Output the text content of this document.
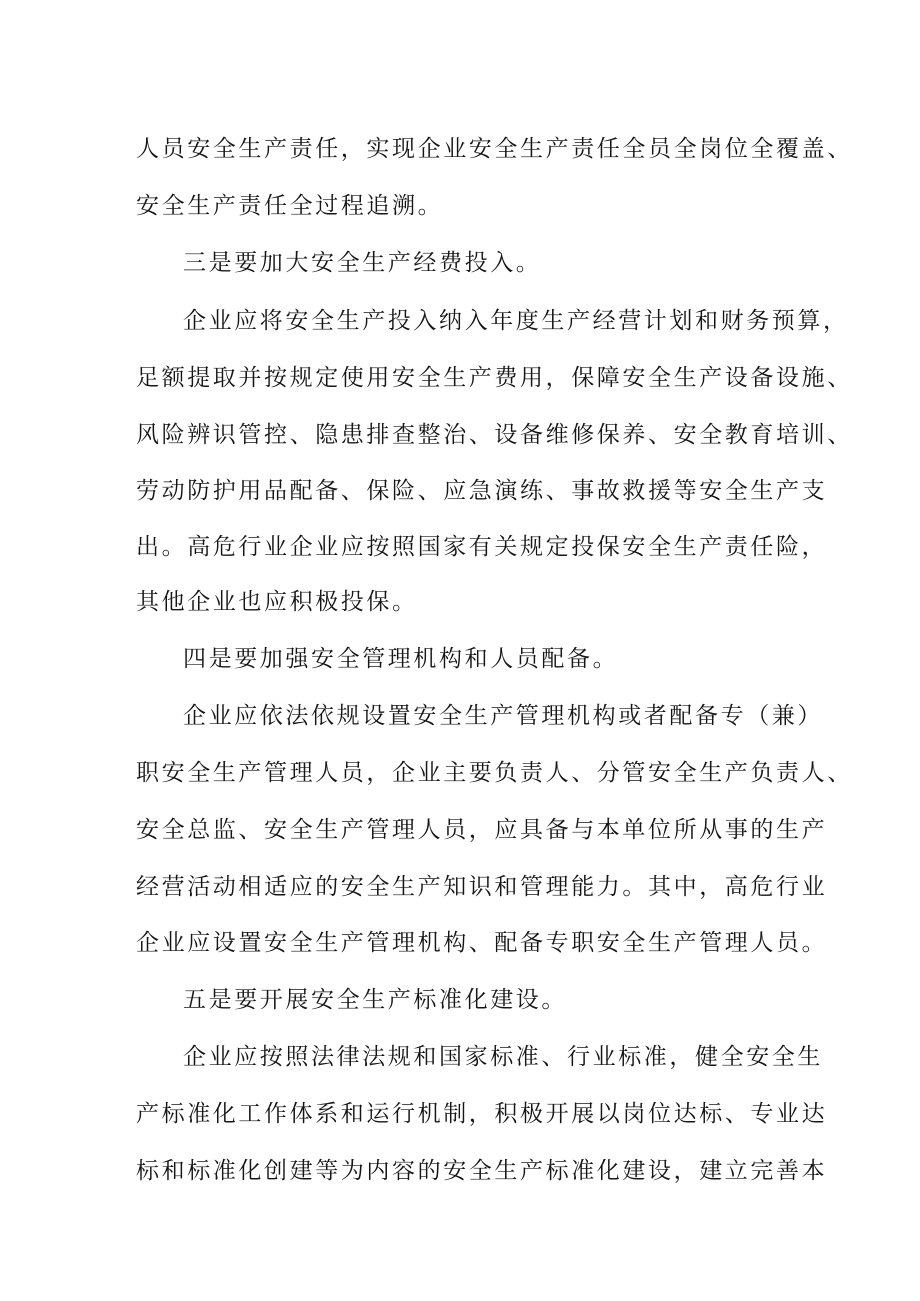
人员安全生产责任，实现企业安全生产责任全员全岗位全覆盖、
安全生产责任全过程追溯。
三是要加大安全生产经费投入。
企业应将安全生产投入纳入年度生产经营计划和财务预算，
足额提取并按规定使用安全生产费用，保障安全生产设备设施、
风险辨识管控、隐患排查整治、设备维修保养、安全教育培训、
劳动防护用品配备、保险、应急演练、事故救援等安全生产支
出。高危行业企业应按照国家有关规定投保安全生产责任险，
其他企业也应积极投保。
四是要加强安全管理机构和人员配备。
企业应依法依规设置安全生产管理机构或者配备专（兼）
职安全生产管理人员，企业主要负责人、分管安全生产负责人、
安全总监、安全生产管理人员，应具备与本单位所从事的生产
经营活动相适应的安全生产知识和管理能力。其中，高危行业
企业应设置安全生产管理机构、配备专职安全生产管理人员。
五是要开展安全生产标准化建设。
企业应按照法律法规和国家标准、行业标准，健全安全生
产标准化工作体系和运行机制，积极开展以岗位达标、专业达
标和标准化创建等为内容的安全生产标准化建设，建立完善本
